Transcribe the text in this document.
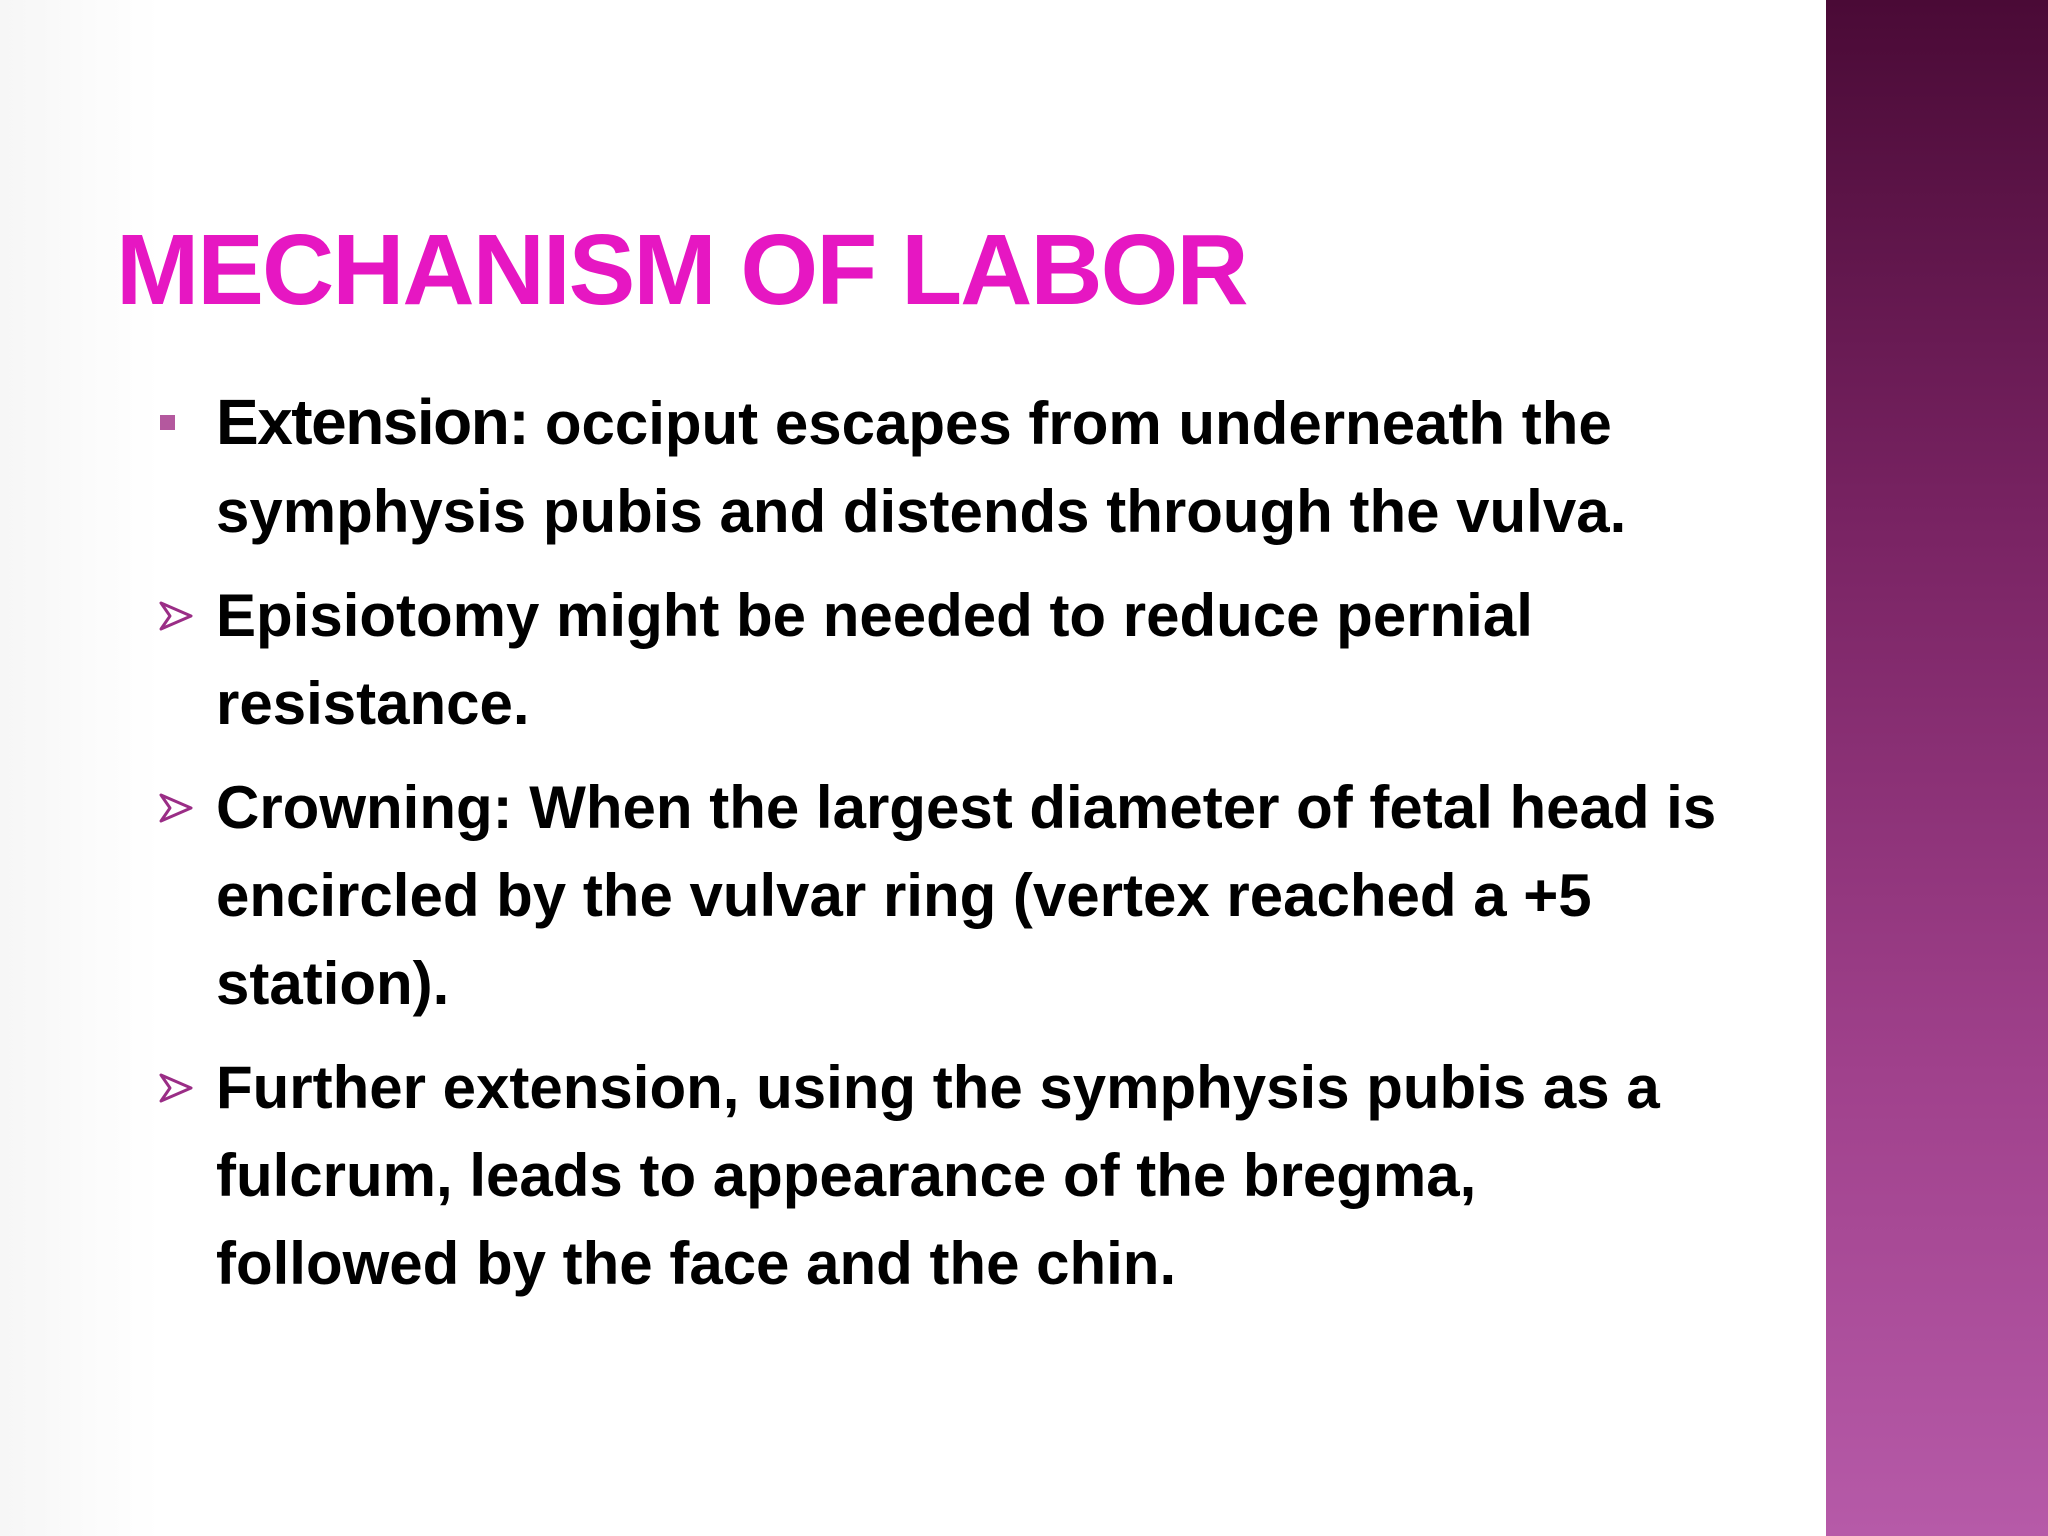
MECHANISM OF LABOR
Extension: occiput escapes from underneath the symphysis pubis and distends through the vulva.
Episiotomy might be needed to reduce pernial resistance.
Crowning: When the largest diameter of fetal head is encircled by the vulvar ring (vertex reached a +5 station).
Further extension, using the symphysis pubis as a fulcrum, leads to appearance of the bregma, followed by the face and the chin.
